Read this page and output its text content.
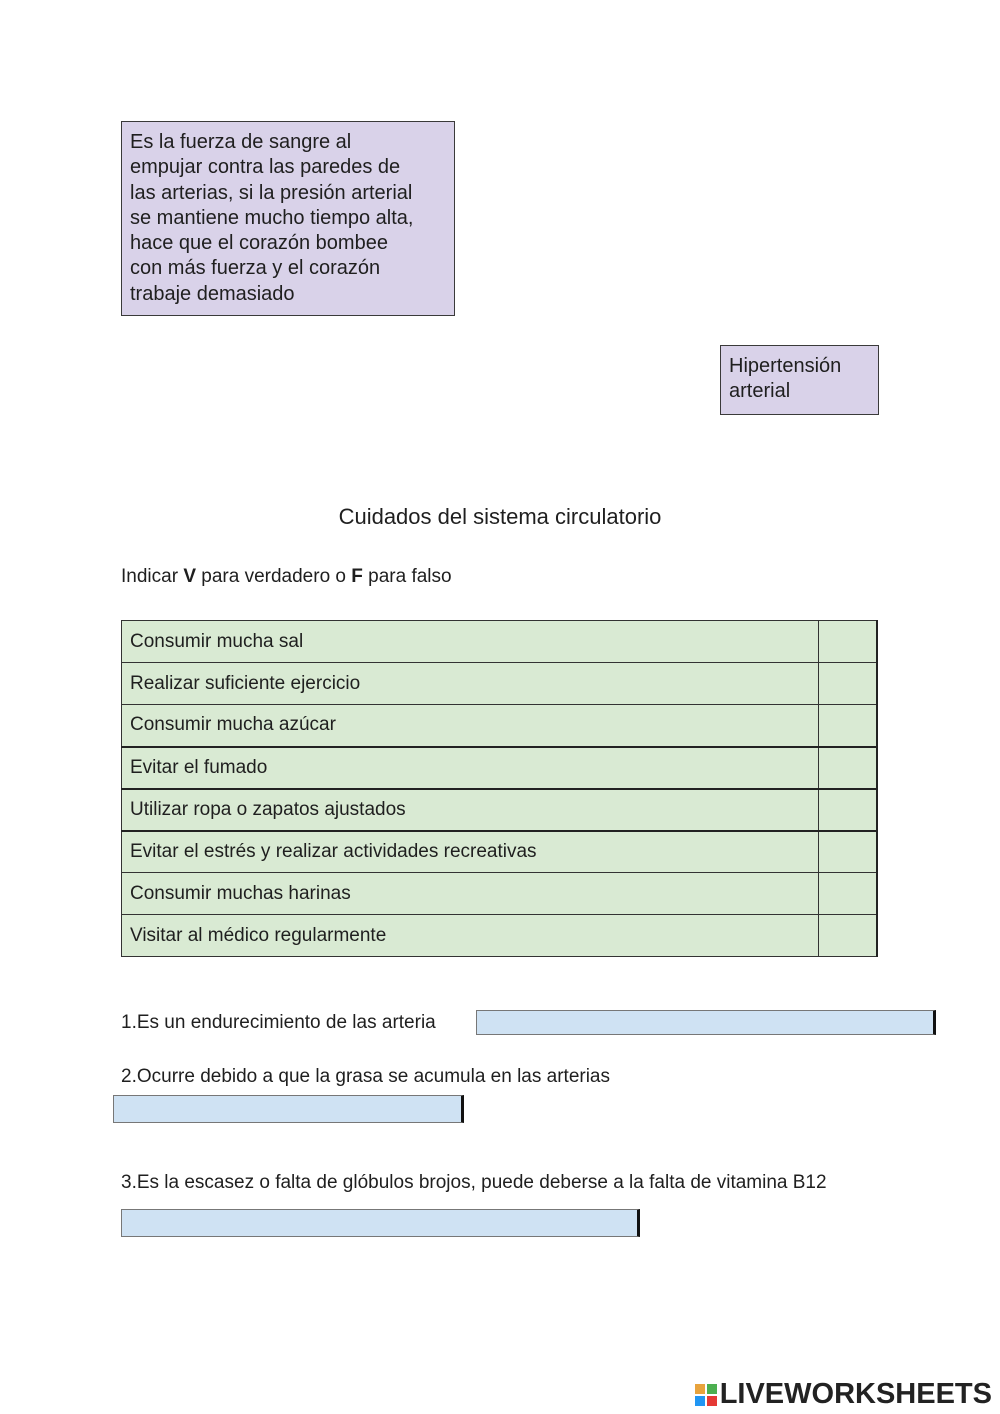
Es la fuerza de sangre al
empujar contra las paredes de
las arterias, si la presión arterial
se mantiene mucho tiempo alta,
hace que el corazón bombee
con más fuerza y el corazón
trabaje demasiado
Hipertensión
arterial
Cuidados del sistema circulatorio
Indicar V para verdadero o F para falso
Consumir mucha sal	
Realizar suficiente ejercicio	
Consumir mucha azúcar	
Evitar el fumado	
Utilizar ropa o zapatos ajustados	
Evitar el estrés y realizar actividades recreativas	
Consumir muchas harinas	
Visitar al médico regularmente	
1.Es un endurecimiento de las arteria
2.Ocurre debido a que la grasa se acumula en las arterias
3.Es la escasez o falta de glóbulos brojos, puede deberse a la falta de vitamina B12
LIVEWORKSHEETS
